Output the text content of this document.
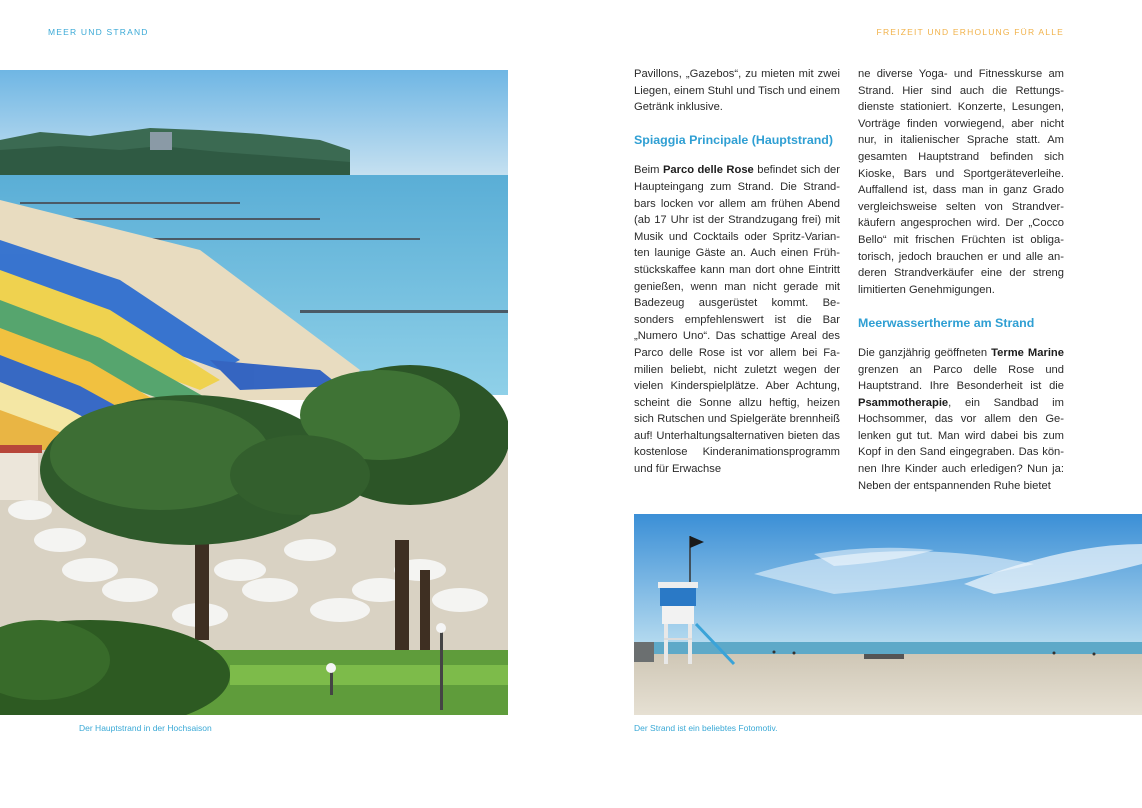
MEER UND STRAND	FREIZEIT UND ERHOLUNG FÜR ALLE
Der Hauptstrand in der Hochsaison

Pavillons, „Gazebos“, zu mieten mit zwei Liegen, einem Stuhl und Tisch und einem Getränk inklusive.

Spiaggia Principale (Hauptstrand)

Beim Parco delle Rose befindet sich der Haupteingang zum Strand. Die Strandbars locken vor allem am frühen Abend (ab 17 Uhr ist der Strandzugang frei) mit Musik und Cocktails oder Spritz-Varianten launige Gäste an. Auch einen Frühstückskaffee kann man dort ohne Eintritt genießen, wenn man nicht gerade mit Badezeug ausgerüstet kommt. Besonders empfehlenswert ist die Bar „Numero Uno“. Das schattige Areal des Parco delle Rose ist vor allem bei Familien beliebt, nicht zuletzt wegen der vielen Kinderspielplätze. Aber Achtung, scheint die Sonne allzu heftig, heizen sich Rutschen und Spielgeräte brennheiß auf! Unterhaltungsalternativen bieten das kostenlose Kinderanimationsprogramm und für Erwachse

ne diverse Yoga- und Fitnesskurse am Strand. Hier sind auch die Rettungsdienste stationiert. Konzerte, Lesungen, Vorträge finden vorwiegend, aber nicht nur, in italienischer Sprache statt. Am gesamten Hauptstrand befinden sich Kioske, Bars und Sportgeräteverleihe. Auffallend ist, dass man in ganz Grado vergleichsweise selten von Strandverkäufern angesprochen wird. Der „Cocco Bello“ mit frischen Früchten ist obligatorisch, jedoch brauchen er und alle anderen Strandverkäufer eine der streng limitierten Genehmigungen.

Meerwassertherme am Strand

Die ganzjährig geöffneten Terme Marine grenzen an Parco delle Rose und Hauptstrand. Ihre Besonderheit ist die Psammotherapie, ein Sandbad im Hochsommer, das vor allem den Gelenken gut tut. Man wird dabei bis zum Kopf in den Sand eingegraben. Das können Ihre Kinder auch erledigen? Nun ja: Neben der entspannenden Ruhe bietet

Der Strand ist ein beliebtes Fotomotiv.
